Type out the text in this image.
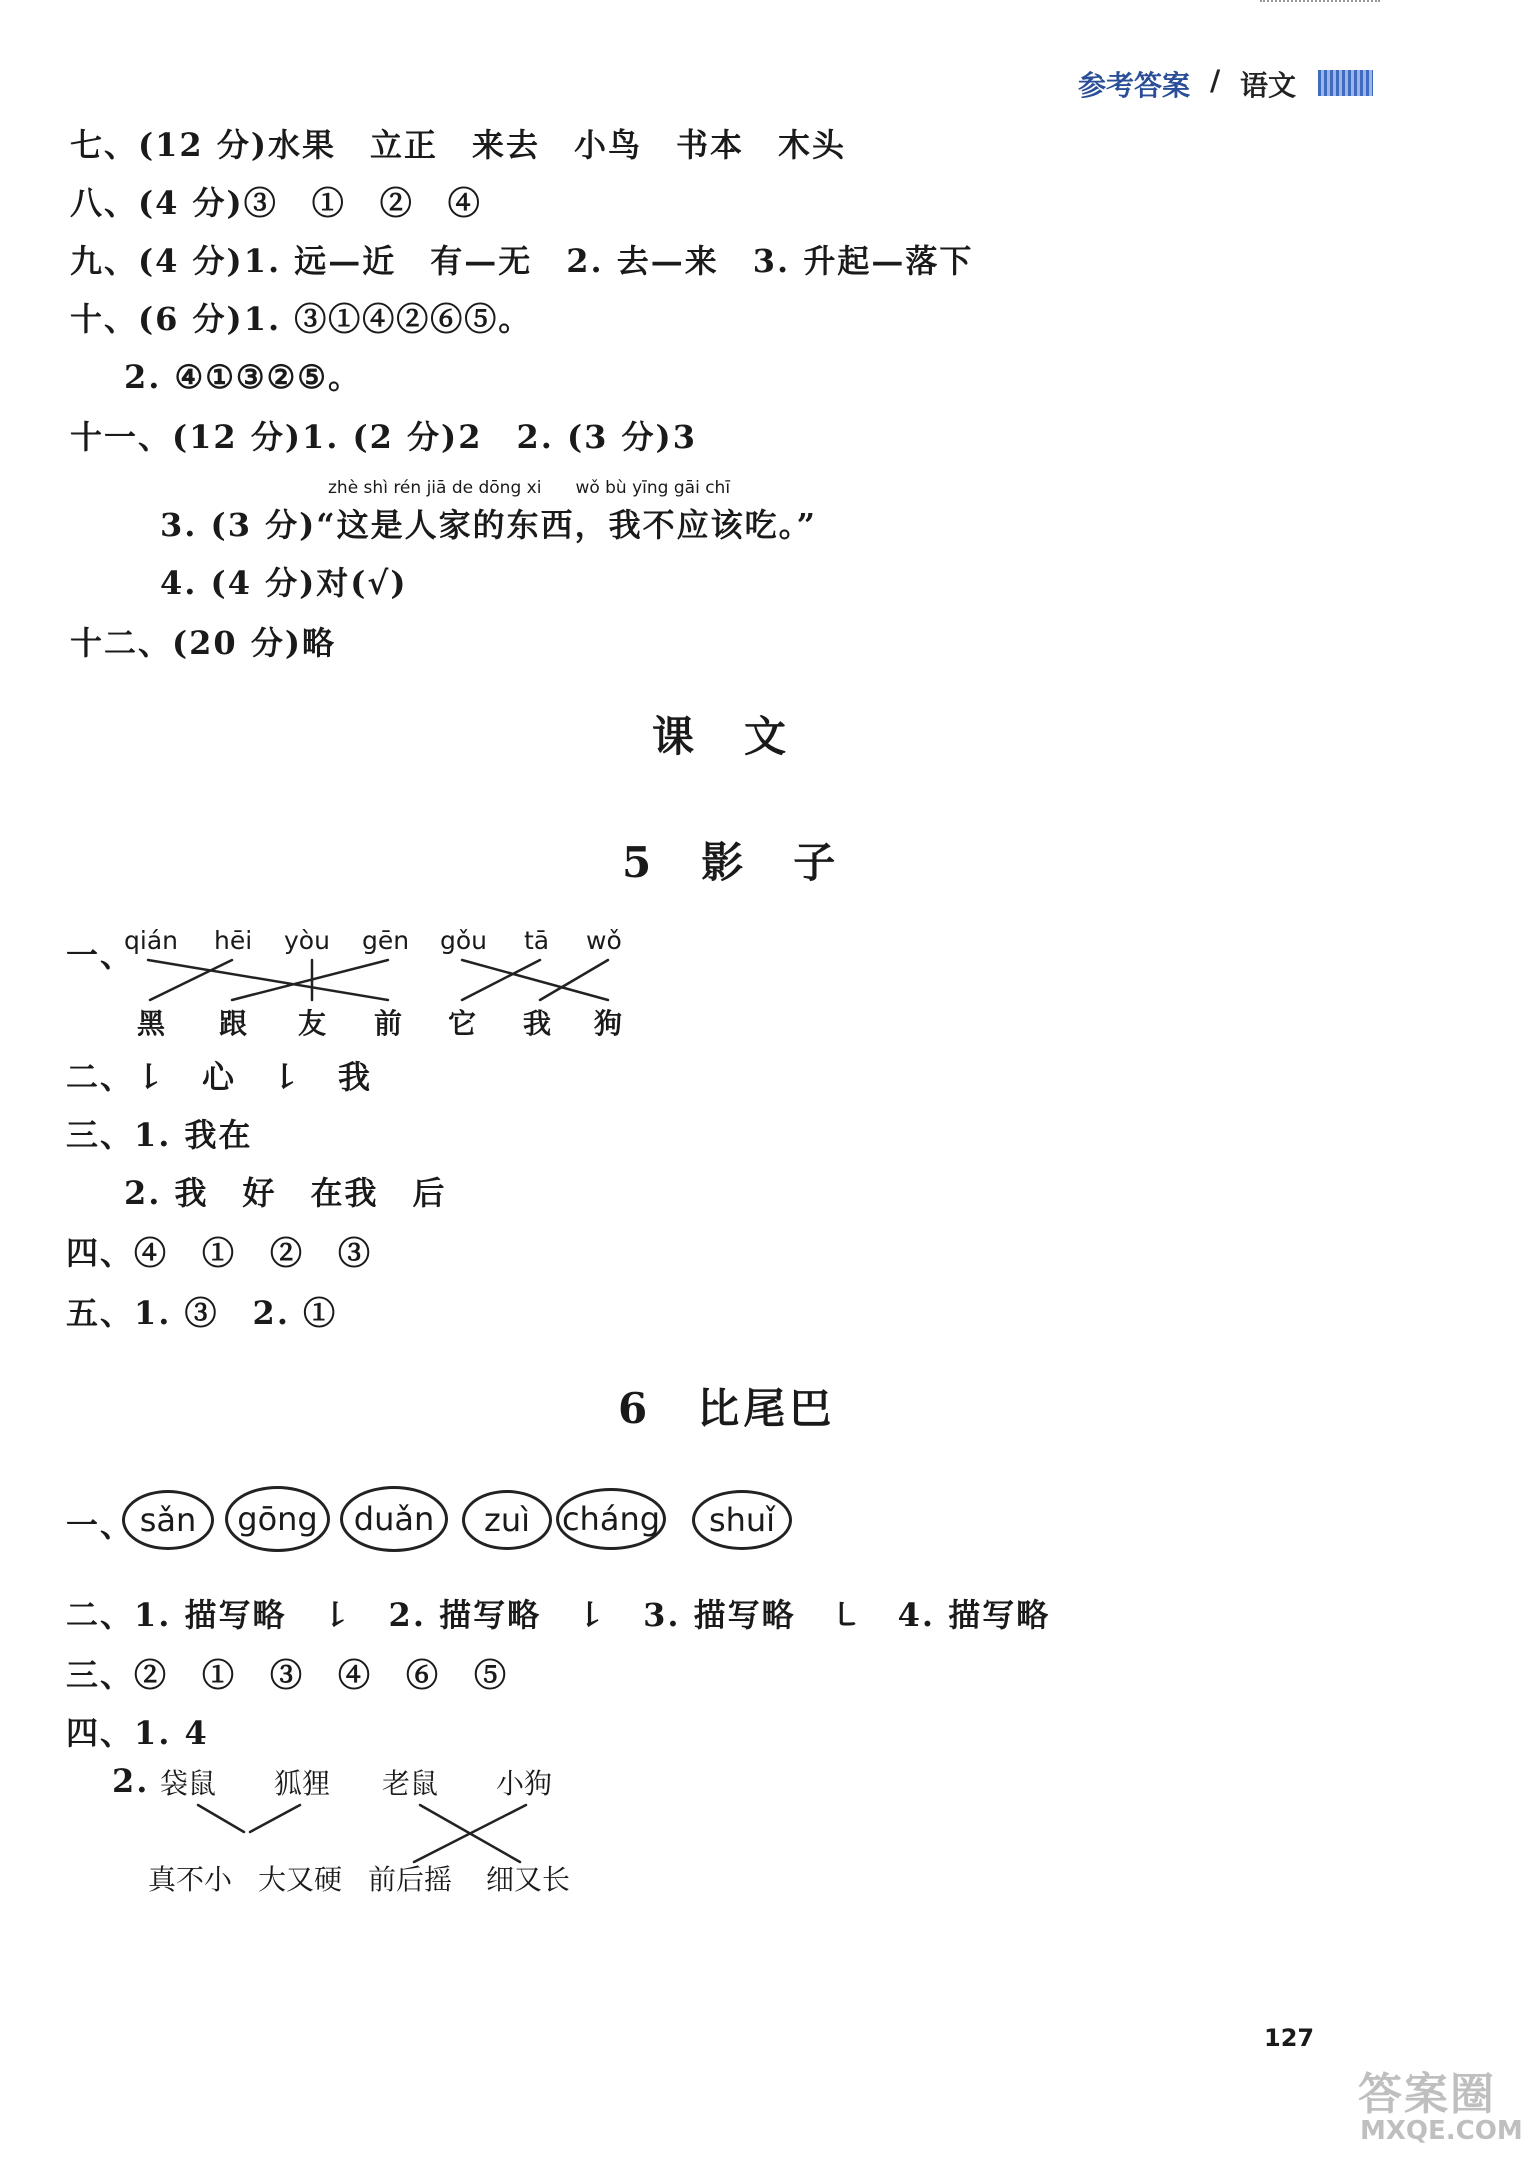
参考答案 / 语文
七、(12 分)水果　立正　来去　小鸟　书本　木头
八、(4 分)③　①　②　④
九、(4 分)1. 远—近　有—无　2. 去—来　3. 升起—落下
十、(6 分)1. ③①④②⑥⑤。
2. ④①③②⑤。
十一、(12 分)1. (2 分)2　2. (3 分)3
zhè shì rén jiā de dōng xi　　wǒ bù yīng gāi chī
3. (3 分)“这是人家的东西，我不应该吃。”
4. (4 分)对(√)
十二、(20 分)略
课　文
5　影　子
一、
qián hēi yòu gēn gǒu tā wǒ
黑 跟 友 前 它 我 狗
二、㇙　心　㇙　我
三、1. 我在
2. 我　好　在我　后
四、④　①　②　③
五、1. ③　2. ①
6　比尾巴
一、 sǎn	gōng	duǎn	zuì cháng	shuǐ
二、1. 描写略　㇙　2. 描写略　㇙　3. 描写略　㇄　4. 描写略
三、②　①　③　④　⑥　⑤
四、1. 4
2. 袋鼠 狐狸 老鼠 小狗
真不小 大又硬 前后摇 细又长
127
答案圈
MXQE.COM
